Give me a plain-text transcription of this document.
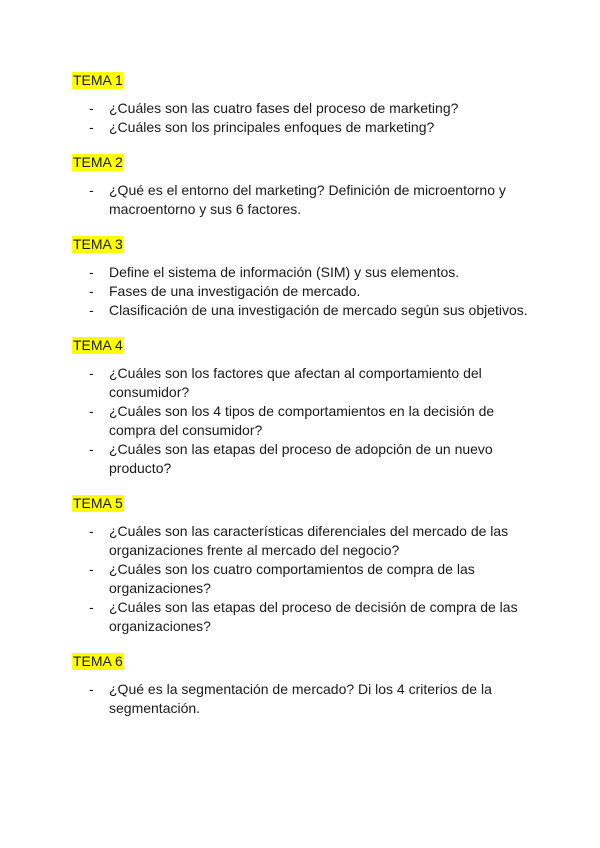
TEMA 1
- ¿Cuáles son las cuatro fases del proceso de marketing?
- ¿Cuáles son los principales enfoques de marketing?
TEMA 2
- ¿Qué es el entorno del marketing? Definición de microentorno y macroentorno y sus 6 factores.
TEMA 3
- Define el sistema de información (SIM) y sus elementos.
- Fases de una investigación de mercado.
- Clasificación de una investigación de mercado según sus objetivos.
TEMA 4
- ¿Cuáles son los factores que afectan al comportamiento del consumidor?
- ¿Cuáles son los 4 tipos de comportamientos en la decisión de compra del consumidor?
- ¿Cuáles son las etapas del proceso de adopción de un nuevo producto?
TEMA 5
- ¿Cuáles son las características diferenciales del mercado de las organizaciones frente al mercado del negocio?
- ¿Cuáles son los cuatro comportamientos de compra de las organizaciones?
- ¿Cuáles son las etapas del proceso de decisión de compra de las organizaciones?
TEMA 6
- ¿Qué es la segmentación de mercado? Di los 4 criterios de la segmentación.
